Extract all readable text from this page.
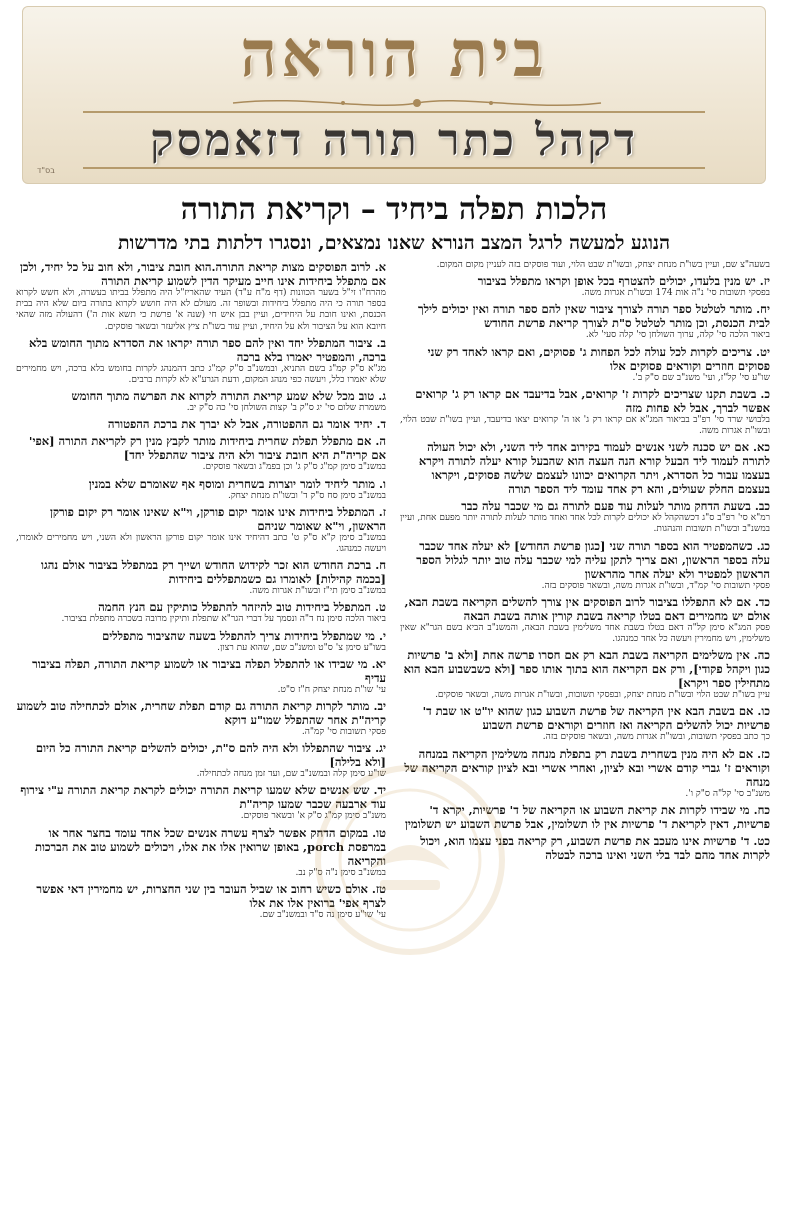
בית הוראה
דקהל כתר תורה דזאמסק
בס"ד
הלכות תפלה ביחיד – וקריאת התורה
הנוגע למעשה לרגל המצב הנורא שאנו נמצאים, ונסגרו דלתות בתי מדרשות
א.לרוב הפוסקים מצות קריאת התורה.הוא חובת ציבור, ולא חוב על כל יחיד, ולכן אם מתפלל ביחידות אינו חייב מעיקר הדין לשמוע קריאת התורה
מהרח"ו זי"ל בשער הכוונות (דף מ"ח ע"ד) העיד שהאריז"ל היה מתפלל בביתו בעשרה, ולא חשש לקרוא בספר תורה כי היה מתפלל ביחידות ובשופר זה. מעולם לא היה חושש לקרוא בתורה ביום שלא היה בבית הכנסת, ואינו חובת על היחידים, ועיין בבן איש חי (שנה א' פרשת כי תשא אות ה') דהעולה מזה שהאי חיובא הוא על הציבור ולא על היחיד, ועיין עוד בשו"ת ציץ אליעזר ובשאר פוסקים.
ב.ציבור המתפלל יחד ואין להם ספר תורה יקראו את הסדרא מתוך החומש בלא ברכה, והמפטיר יאמרו בלא ברכה
מג"א ס"ק קמ"ג בשם התניא, ובמשנ"ב ס"ק קמ"ג כתב דהמנהג לקרות בחומש בלא ברכה, ויש מחמירים שלא יאמרו כלל, ויעשה כפי מנהג המקום, ודעת הגרע"א לא לקרות ברבים.
ג.טוב מכל שלא שמע קריאת התורה לקרוא את הפרשה מתוך החומש
משמרת שלום סי' יג ס"ק ב' קצות השולחן סי' כה ס"ק יב.
ד.יחיד אומר גם ההפטורה, אבל לא יברך את ברכת ההפטורה
ה.אם מתפלל תפלת שחרית ביחידות מותר לקבץ מנין רק לקריאת התורה [אפי' אם קריה"ת היא חובת ציבור ולא היה ציבור שהתפלל יחד]
במשנ"ב סימן קמ"ג ס"ק ג' וכן בפמ"ג ובשאר פוסקים.
ו.מותר ליחיד לומר יוצרות בשחרית ומוסף אף שאומרם שלא במנין
במשנ"ב סימן סח ס"ק ד' ובשו"ת מנחת יצחק.
ז.המתפלל ביחידות אינו אומר יקום פורקן, וי"א שאינו אומר רק יקום פורקן הראשון, וי"א שאומר שניהם
במשנ"ב סימן ק"א ס"ק ט' כתב דהיחיד אינו אומר יקום פורקן הראשון ולא השני, ויש מחמירים לאומרו, ויעשה כמנהגו.
ח.ברכת החודש הוא זכר לקידוש החודש ושייך רק במתפלל בציבור אולם נהגו [בכמה קהילות] לאומרו גם כשמתפללים ביחידות
במשנ"ב סימן תי"ז ובשו"ת אגרות משה.
ט.המתפלל ביחידות טוב להיזהר להתפלל כותיקין עם הנץ החמה
ביאור הלכה סימן נח ד"ה ונסמך על דברי הגר"א שתפלת ותיקין מרובה בשכרה מתפלת בציבור.
י.מי שמתפלל ביחידות צריך להתפלל בשעה שהציבור מתפללים
בשו"ע סימן צ' ס"ט ומשנ"ב שם, שהוא עת רצון.
יא.מי שבידו או להתפלל תפלה בציבור או לשמוע קריאת התורה, תפלה בציבור עדיף
עי' שו"ת מנחת יצחק ח"ז ס"ט.
יב.מותר לקרות קריאת התורה גם קודם תפלת שחרית, אולם לכתחילה טוב לשמוע קריה"ת אחר שהתפלל שמו"ע דוקא
פסקי תשובות סי' קמ"ה.
יג.ציבור שהתפללו ולא היה להם ס"ת, יכולים להשלים קריאת התורה כל היום [ולא בלילה]
שו"ע סימן קלה ובמשנ"ב שם, ועד זמן מנחה לכתחילה.
יד.שש אנשים שלא שמעו קריאת התורה יכולים לקראת קריאת התורה ע"י צירוף עוד ארבעה שכבר שמעו קריה"ת
משנ"ב סימן קמ"ג ס"ק א' ובשאר פוסקים.
טו.במקום הדחק אפשר לצרף עשרה אנשים שכל אחד עומד בחצר אחר או במרפסת porch, באופן שרואין אלו את אלו, ויכולים לשמוע טוב את הברכות והקריאה
במשנ"ב סימן נ"ה ס"ק נב.
טז.אולם כשיש רחוב או שביל העובר בין שני החצרות, יש מחמירין דאי אפשר לצרף אפי' ברואין אלו את אלו
עי' שו"ע סימן נה ס"ד ובמשנ"ב שם.
בשעה"צ שם, ועיין בשו"ת מנחת יצחק, ובשו"ת שבט הלוי, ועוד פוסקים בזה לעניין מקום המקום.
יז.יש מנין בלעדו, יכולים להצטרף בכל אופן וקראו מתפלל בציבור
בפסקי תשובות סי' נ"ה אות 174 ובשו"ת אגרות משה.
יח.מותר לטלטל ספר תורה לצורך ציבור שאין להם ספר תורה ואין יכולים לילך לבית הכנסת, וכן מותר לטלטל ס"ת לצורך קריאת פרשת החודש
ביאור הלכה סי' קלה, ערוך השולחן סי' קלה סעי' לא.
יט.צריכים לקרות לכל עולה לכל הפחות ג' פסוקים, ואם קראו לאחד רק שני פסוקים חוזרים וקוראים פסוקים אלו
שו"ע סי' קל"ז, ועי' משנ"ב שם ס"ק ב'.
כ.בשבת תקנו שצריכים לקרות ז' קרואים, אבל בדיעבד אם קראו רק ג' קרואים אפשר לברך, אבל לא פחות מזה
בלבושי שרד סי' רפ"ב בביאור המג"א אם קראו רק ג' או ה' קרואים יצאו בדיעבד, ועיין בשו"ת שבט הלוי, ובשו"ת אגרות משה.
כא.אם יש סכנה לשני אנשים לעמוד בקירוב אחד ליד השני, ולא יכול העולה לתורה לעמוד ליד הבעל קורא הנה העצה הוא שהבעל קורא יעלה לתורה ויקרא בעצמו עבור כל הסדרא, ויתר הקרואים יכוונו לעצמם שלשה פסוקים, ויקראו בעצמם החלק שעולים, והא רק אחד עומד ליד הספר תורה
כב.בשעת הדחק מותר לעלות עוד פעם לתורה גם מי שכבר עלה כבר
רמ"א סי' רפ"ב ס"ג דכשהקהל לא יכולים לקרות לכל אחד ואחד מותר לעלות לתורה יותר מפעם אחת, ועיין במשנ"ב ובשו"ת תשובות והנהגות.
כג.כשהמפטיר הוא בספר תורה שני [כגון פרשת החודש] לא יעלה אחד שכבר עלה בספר הראשון, ואם צריך לתקן עליה למי שכבר עלה טוב יותר לגלול הספר הראשון למפטיר ולא יעלה אחר מהראשון
פסקי תשובות סי' קמ"ד, ובשו"ת אגרות משה, ובשאר פוסקים בזה.
כד.אם לא התפללו בציבור לרוב הפוסקים אין צורך להשלים הקריאה בשבת הבא, אולם יש מחמירים דאם בטלו קריאה בשבת קורין אותה בשבת הבאה
פסק המג"א סימן קל"ה דאם בטלו בשבת אחד משלימין בשבת הבאה, והמשנ"ב הביא בשם הגר"א שאין משלימין, ויש מחמירין ויעשה כל אחד כמנהגו.
כה.אין משלימים הקריאה בשבת הבא רק אם חסרו פרשה אחת [ולא ב' פרשיות כגון ויקהל פקודי], ורק אם הקריאה הוא בתוך אותו ספר [ולא כשבשבוע הבא הוא מתחילין ספר ויקרא]
עיין בשו"ת שבט הלוי ובשו"ת מנחת יצחק, ובפסקי תשובות, ובשו"ת אגרות משה, ובשאר פוסקים.
כו.אם בשבת הבא אין הקריאה של פרשת השבוע כגון שהוא יו"ט או שבת ד' פרשיות יכול להשלים הקריאה ואז חוזרים וקוראים פרשת השבוע
כך כתב בפסקי תשובות, ובשו"ת אגרות משה, ובשאר פוסקים בזה.
כז.אם לא היה מנין בשחרית בשבת רק בתפלת מנחה משלימין הקריאה במנחה וקוראים ז' גברי קודם אשרי ובא לציון, ואחרי אשרי ובא לציון קוראים הקריאה של מנחה
משנ"ב סי' קל"ה ס"ק ו'.
כח.מי שבידו לקרות את קריאת השבוע או הקריאה של ד' פרשיות, יקרא ד' פרשיות, דאין לקריאת ד' פרשיות אין לו תשלומין, אבל פרשת השבוע יש תשלומין
כט.ד' פרשיות אינו מעכב את פרשת השבוע, רק קריאה בפני עצמו הוא, ויכול לקרות אחד מהם לבד בלי השני ואינו ברכה לבטלה
